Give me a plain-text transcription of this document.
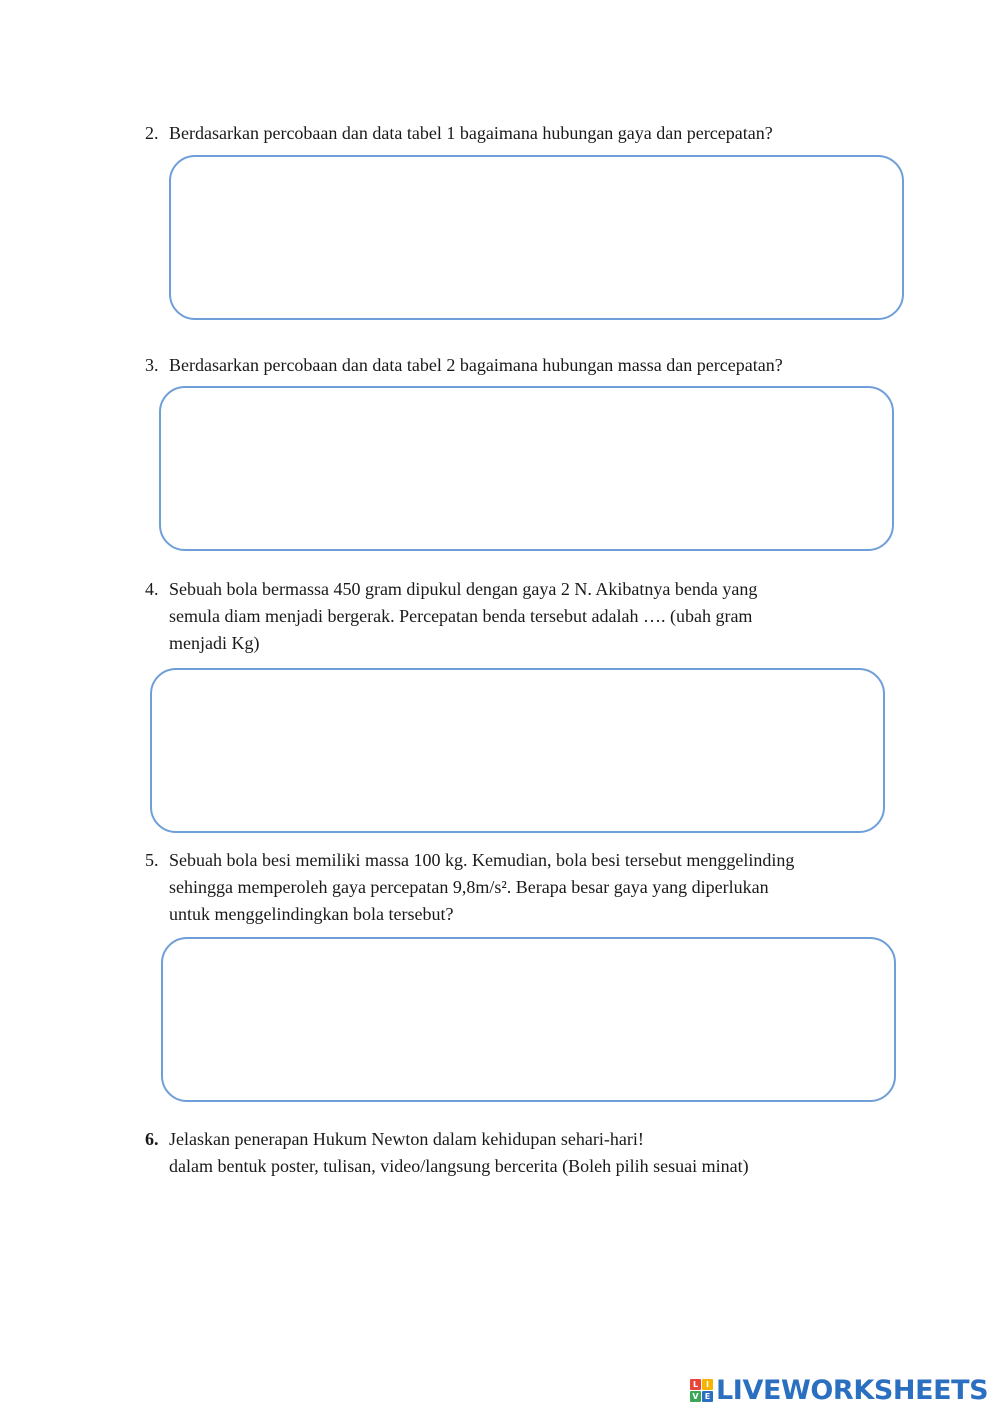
2. Berdasarkan percobaan dan data tabel 1 bagaimana hubungan gaya dan percepatan?
3. Berdasarkan percobaan dan data tabel 2 bagaimana hubungan massa dan percepatan?
4. Sebuah bola bermassa 450 gram dipukul dengan gaya 2 N. Akibatnya benda yang
semula diam menjadi bergerak. Percepatan benda tersebut adalah …. (ubah gram
menjadi Kg)
5. Sebuah bola besi memiliki massa 100 kg. Kemudian, bola besi tersebut menggelinding
sehingga memperoleh gaya percepatan 9,8m/s². Berapa besar gaya yang diperlukan
untuk menggelindingkan bola tersebut?
6. Jelaskan penerapan Hukum Newton dalam kehidupan sehari-hari!
dalam bentuk poster, tulisan, video/langsung bercerita (Boleh pilih sesuai minat)
L I
V E LIVEWORKSHEETS
